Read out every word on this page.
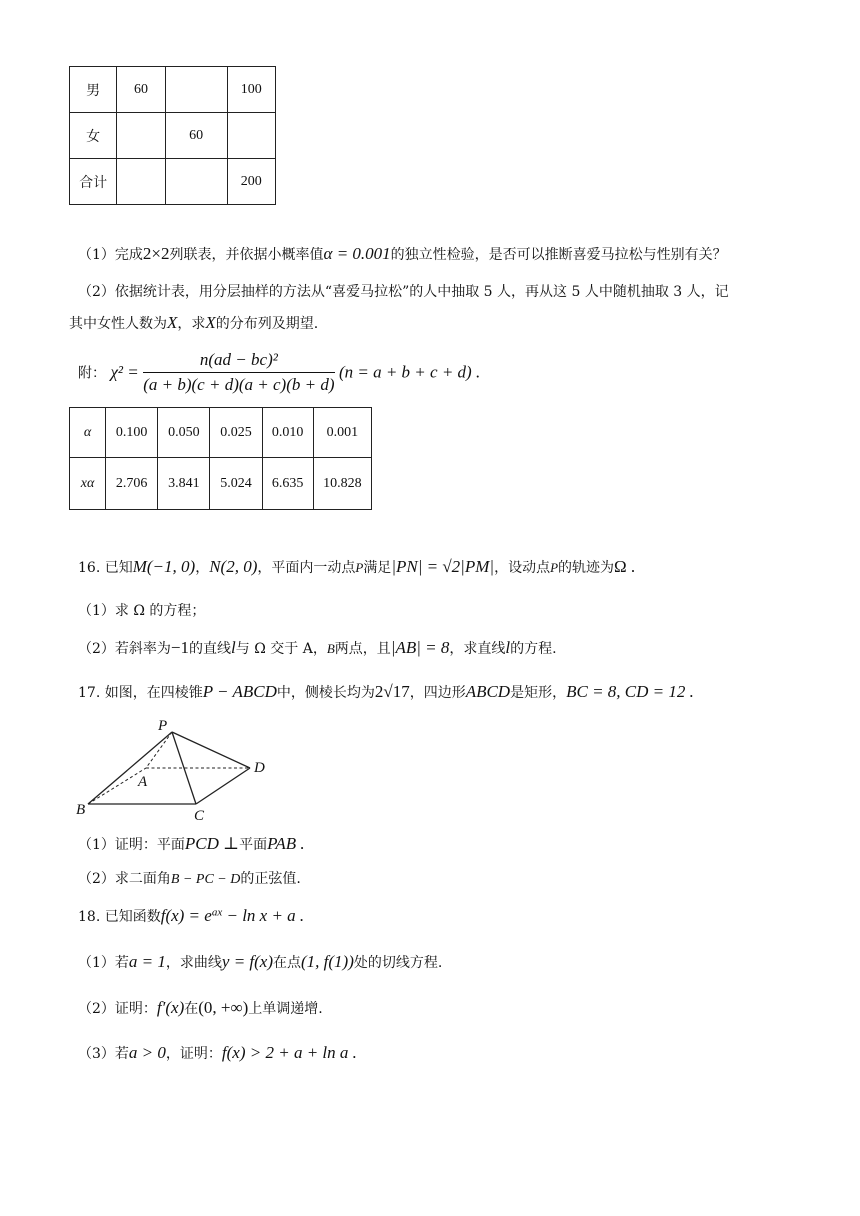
男	60		100
女		60	
合计			200
（1）完成2×2列联表，并依据小概率值α = 0.001的独立性检验，是否可以推断喜爱马拉松与性别有关？
（2）依据统计表，用分层抽样的方法从“喜爱马拉松”的人中抽取 5 人，再从这 5 人中随机抽取 3 人，记
其中女性人数为X，求X的分布列及期望.
附： $\chi^2 = \frac{\text{n(ad − bc)²}}{(a + b)(c + d)(a + c)(b + d)} (n = a + b + c + d)$ .
α	0.100	0.050	0.025	0.010	0.001
xα	2.706	3.841	5.024	6.635	10.828
16. 已知M(−1, 0)，N(2, 0)，平面内一动点P满足|PN| = √2|PM|，设动点P的轨迹为Ω .
（1）求 Ω 的方程；
（2）若斜率为−1的直线l与 Ω 交于 A，B两点，且|AB| = 8，求直线l的方程.
17. 如图，在四棱锥P − ABCD中，侧棱长均为2√17，四边形ABCD是矩形，BC = 8, CD = 12 .
P
A
B	C
D
（1）证明：平面PCD ⊥平面PAB .
（2）求二面角B − PC − D的正弦值.
18. 已知函数$f(x) = e^{ax} - \ln x + a$ .
（1）若a = 1，求曲线y = f(x)在点(1, f(1))处的切线方程.
（2）证明：f′(x)在(0, +∞)上单调递增.
（3）若a > 0，证明：f(x) > 2 + a + ln a .
